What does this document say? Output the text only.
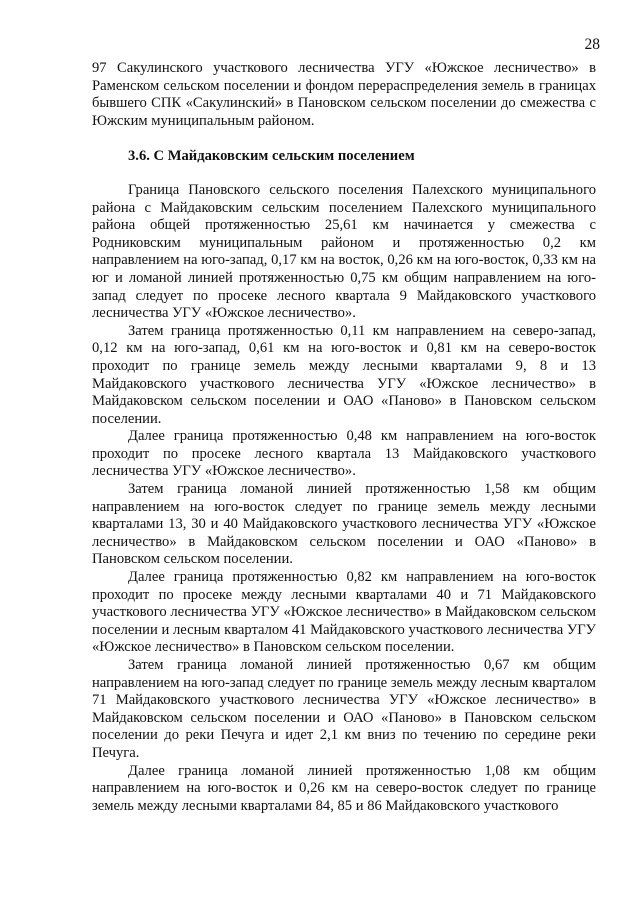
28

97 Сакулинского участкового лесничества УГУ «Южское лесничество» в Раменском сельском поселении и фондом перераспределения земель в границах бывшего СПК «Сакулинский» в Пановском сельском поселении до смежества с Южским муниципальным районом.

3.6. С Майдаковским сельским поселением

Граница Пановского сельского поселения Палехского муниципального района с Майдаковским сельским поселением Палехского муниципального района общей протяженностью 25,61 км начинается у смежества с Родниковским муниципальным районом и протяженностью 0,2 км направлением на юго-запад, 0,17 км на восток, 0,26 км на юго-восток, 0,33 км на юг и ломаной линией протяженностью 0,75 км общим направлением на юго-запад следует по просеке лесного квартала 9 Майдаковского участкового лесничества УГУ «Южское лесничество».

Затем граница протяженностью 0,11 км направлением на северо-запад, 0,12 км на юго-запад, 0,61 км на юго-восток и 0,81 км на северо-восток проходит по границе земель между лесными кварталами 9, 8 и 13 Майдаковского участкового лесничества УГУ «Южское лесничество» в Майдаковском сельском поселении и ОАО «Паново» в Пановском сельском поселении.

Далее граница протяженностью 0,48 км направлением на юго-восток проходит по просеке лесного квартала 13 Майдаковского участкового лесничества УГУ «Южское лесничество».

Затем граница ломаной линией протяженностью 1,58 км общим направлением на юго-восток следует по границе земель между лесными кварталами 13, 30 и 40 Майдаковского участкового лесничества УГУ «Южское лесничество» в Майдаковском сельском поселении и ОАО «Паново» в Пановском сельском поселении.

Далее граница протяженностью 0,82 км направлением на юго-восток проходит по просеке между лесными кварталами 40 и 71 Майдаковского участкового лесничества УГУ «Южское лесничество» в Майдаковском сельском поселении и лесным кварталом 41 Майдаковского участкового лесничества УГУ «Южское лесничество» в Пановском сельском поселении.

Затем граница ломаной линией протяженностью 0,67 км общим направлением на юго-запад следует по границе земель между лесным кварталом 71 Майдаковского участкового лесничества УГУ «Южское лесничество» в Майдаковском сельском поселении и ОАО «Паново» в Пановском сельском поселении до реки Печуга и идет 2,1 км вниз по течению по середине реки Печуга.

Далее граница ломаной линией протяженностью 1,08 км общим направлением на юго-восток и 0,26 км на северо-восток следует по границе земель между лесными кварталами 84, 85 и 86 Майдаковского участкового
